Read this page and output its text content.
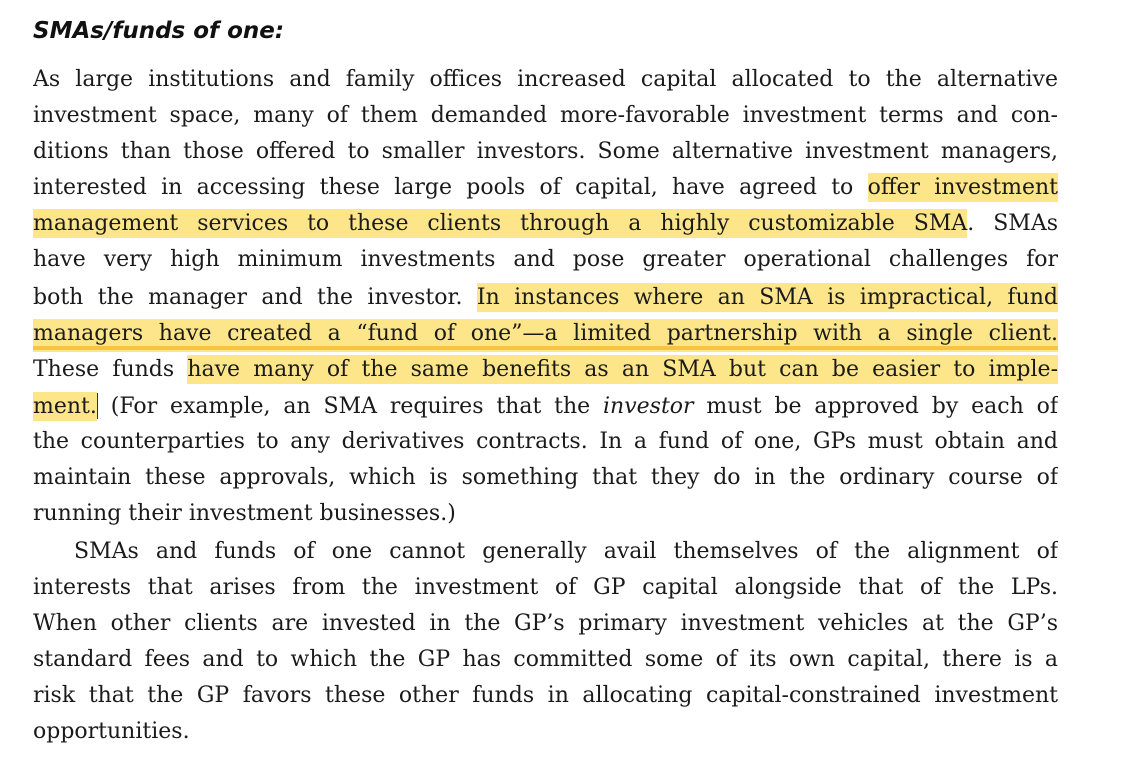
SMAs/funds of one:
As large institutions and family offices increased capital allocated to the alternative
investment space, many of them demanded more-favorable investment terms and con-
ditions than those offered to smaller investors. Some alternative investment managers,
interested in accessing these large pools of capital, have agreed to offer investment
management services to these clients through a highly customizable SMA. SMAs
have very high minimum investments and pose greater operational challenges for
both the manager and the investor. In instances where an SMA is impractical, fund
managers have created a “fund of one”—a limited partnership with a single client.
These funds have many of the same benefits as an SMA but can be easier to imple-
ment. (For example, an SMA requires that the investor must be approved by each of
the counterparties to any derivatives contracts. In a fund of one, GPs must obtain and
maintain these approvals, which is something that they do in the ordinary course of
running their investment businesses.)
SMAs and funds of one cannot generally avail themselves of the alignment of
interests that arises from the investment of GP capital alongside that of the LPs.
When other clients are invested in the GP’s primary investment vehicles at the GP’s
standard fees and to which the GP has committed some of its own capital, there is a
risk that the GP favors these other funds in allocating capital-constrained investment
opportunities.
